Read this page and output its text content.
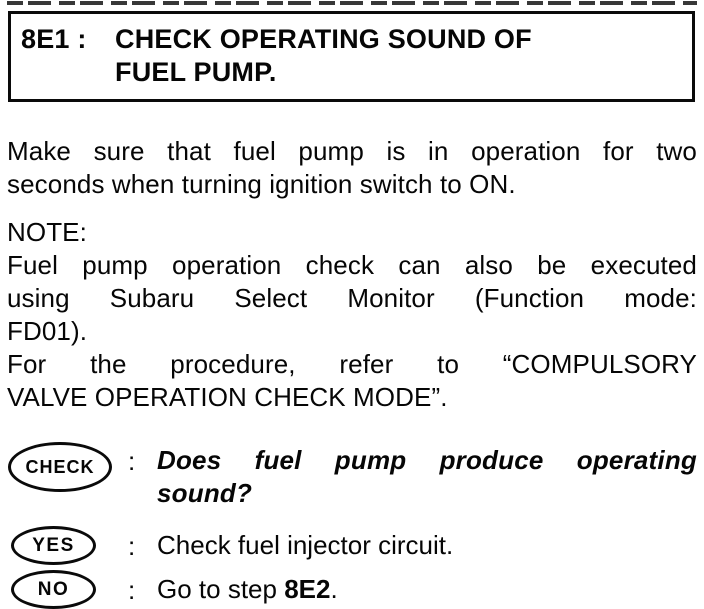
8E1 :	CHECK OPERATING SOUND OF
FUEL PUMP.
Make sure that fuel pump is in operation for two
seconds when turning ignition switch to ON.
NOTE:
Fuel pump operation check can also be executed
using Subaru Select Monitor (Function mode:
FD01).
For the procedure, refer to “COMPULSORY
VALVE OPERATION CHECK MODE”.
CHECK	: Does fuel pump produce operating
sound?
YES	: Check fuel injector circuit.
NO	: Go to step 8E2.
